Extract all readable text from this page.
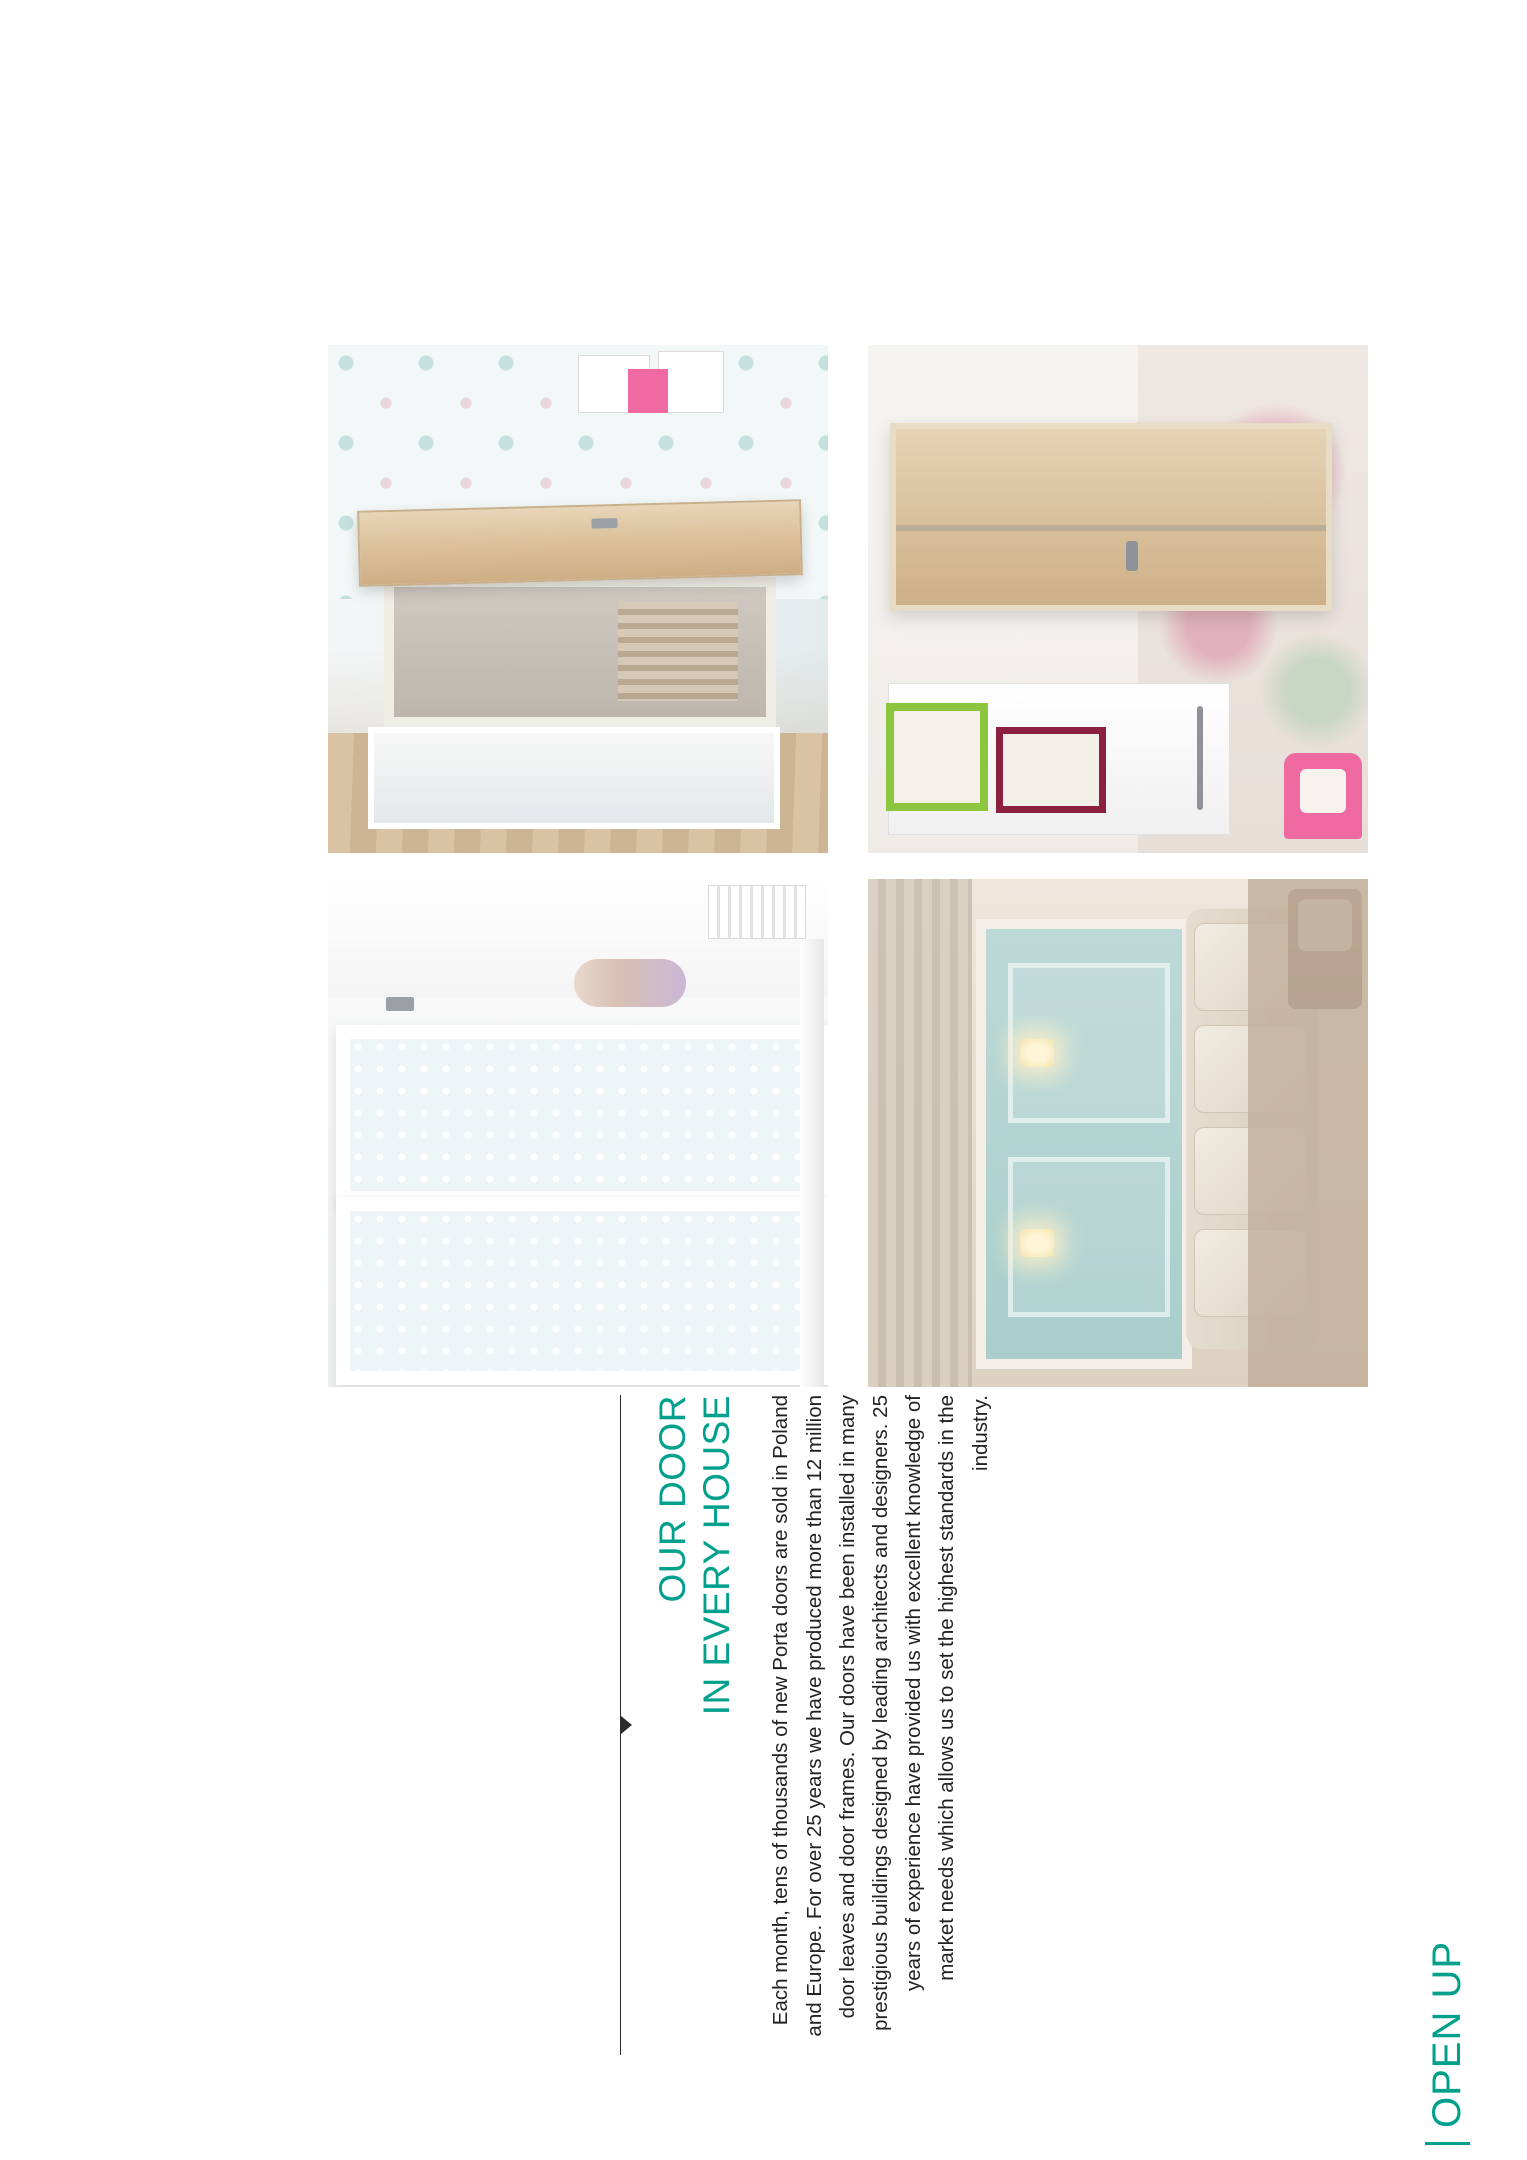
OUR DOOR IN EVERY HOUSE Each month, tens of thousands of new Porta doors are sold in Poland and Europe. For over 25 years we have produced more than 12 million door leaves and door frames. Our doors have been installed in many prestigious buildings designed by leading architects and designers. 25 years of experience have provided us with excellent knowledge of market needs which allows us to set the highest standards in the industry.

OPEN UP
